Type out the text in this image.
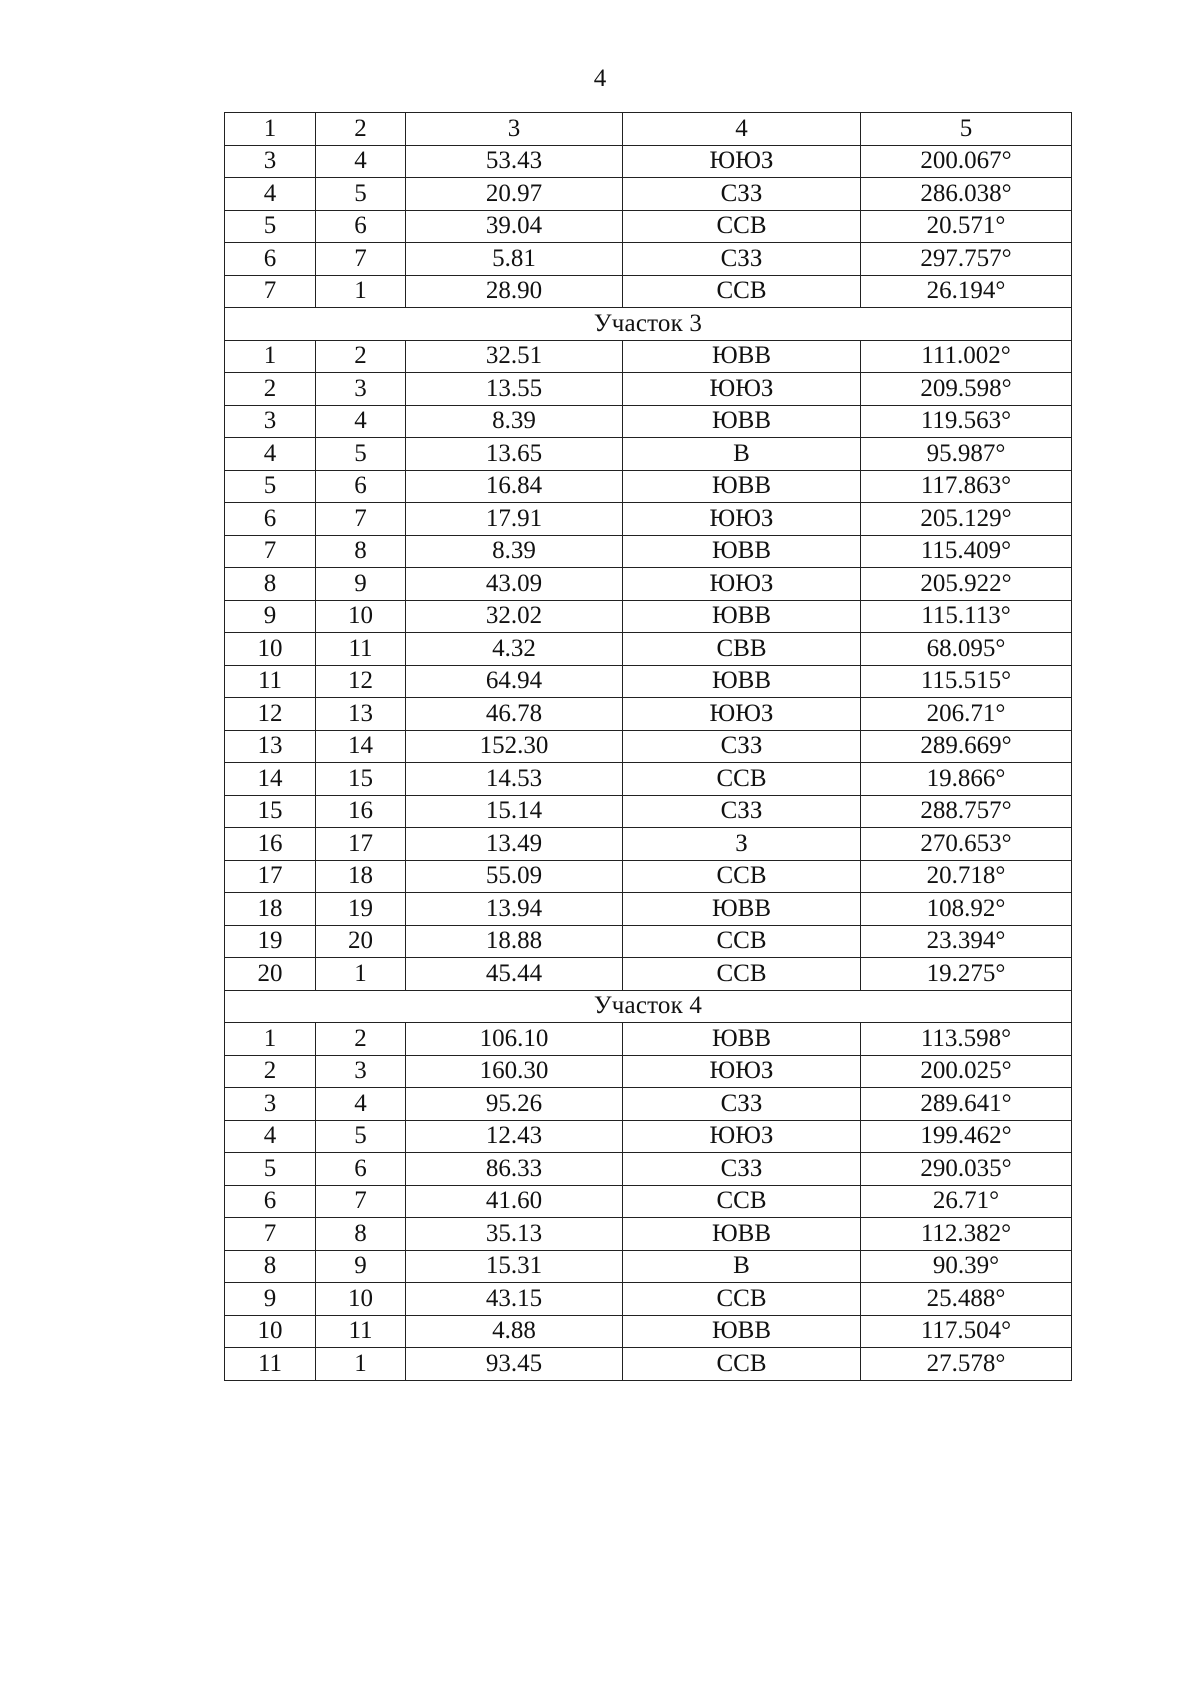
4
1	2	3	4	5
3	4	53.43	ЮЮЗ	200.067°
4	5	20.97	СЗЗ	286.038°
5	6	39.04	ССВ	20.571°
6	7	5.81	СЗЗ	297.757°
7	1	28.90	ССВ	26.194°
Участок 3				
1	2	32.51	ЮВВ	111.002°
2	3	13.55	ЮЮЗ	209.598°
3	4	8.39	ЮВВ	119.563°
4	5	13.65	В	95.987°
5	6	16.84	ЮВВ	117.863°
6	7	17.91	ЮЮЗ	205.129°
7	8	8.39	ЮВВ	115.409°
8	9	43.09	ЮЮЗ	205.922°
9	10	32.02	ЮВВ	115.113°
10	11	4.32	СВВ	68.095°
11	12	64.94	ЮВВ	115.515°
12	13	46.78	ЮЮЗ	206.71°
13	14	152.30	СЗЗ	289.669°
14	15	14.53	ССВ	19.866°
15	16	15.14	СЗЗ	288.757°
16	17	13.49	З	270.653°
17	18	55.09	ССВ	20.718°
18	19	13.94	ЮВВ	108.92°
19	20	18.88	ССВ	23.394°
20	1	45.44	ССВ	19.275°
Участок 4				
1	2	106.10	ЮВВ	113.598°
2	3	160.30	ЮЮЗ	200.025°
3	4	95.26	СЗЗ	289.641°
4	5	12.43	ЮЮЗ	199.462°
5	6	86.33	СЗЗ	290.035°
6	7	41.60	ССВ	26.71°
7	8	35.13	ЮВВ	112.382°
8	9	15.31	В	90.39°
9	10	43.15	ССВ	25.488°
10	11	4.88	ЮВВ	117.504°
11	1	93.45	ССВ	27.578°
